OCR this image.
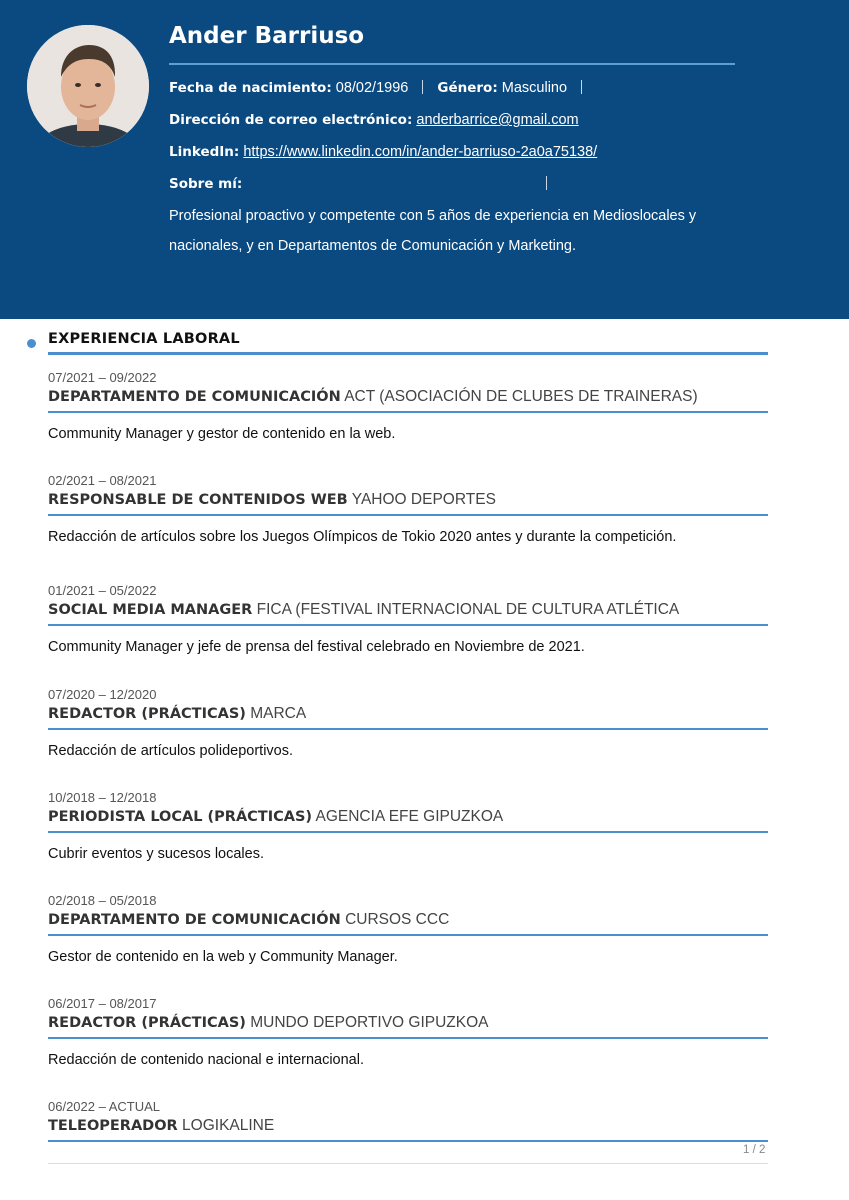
Ander Barriuso
Fecha de nacimiento: 08/02/1996 Género: Masculino
Dirección de correo electrónico: anderbarrice@gmail.com
LinkedIn: https://www.linkedin.com/in/ander-barriuso-2a0a75138/
Sobre mí:
Profesional proactivo y competente con 5 años de experiencia en Medioslocales y nacionales, y en Departamentos de Comunicación y Marketing.
EXPERIENCIA LABORAL
07/2021 – 09/2022
DEPARTAMENTO DE COMUNICACIÓN ACT (ASOCIACIÓN DE CLUBES DE TRAINERAS)
Community Manager y gestor de contenido en la web.
02/2021 – 08/2021
RESPONSABLE DE CONTENIDOS WEB YAHOO DEPORTES
Redacción de artículos sobre los Juegos Olímpicos de Tokio 2020 antes y durante la competición.
01/2021 – 05/2022
SOCIAL MEDIA MANAGER FICA (FESTIVAL INTERNACIONAL DE CULTURA ATLÉTICA
Community Manager y jefe de prensa del festival celebrado en Noviembre de 2021.
07/2020 – 12/2020
REDACTOR (PRÁCTICAS) MARCA
Redacción de artículos polideportivos.
10/2018 – 12/2018
PERIODISTA LOCAL (PRÁCTICAS) AGENCIA EFE GIPUZKOA
Cubrir eventos y sucesos locales.
02/2018 – 05/2018
DEPARTAMENTO DE COMUNICACIÓN CURSOS CCC
Gestor de contenido en la web y Community Manager.
06/2017 – 08/2017
REDACTOR (PRÁCTICAS) MUNDO DEPORTIVO GIPUZKOA
Redacción de contenido nacional e internacional.
06/2022 – ACTUAL
TELEOPERADOR LOGIKALINE
1 / 2
